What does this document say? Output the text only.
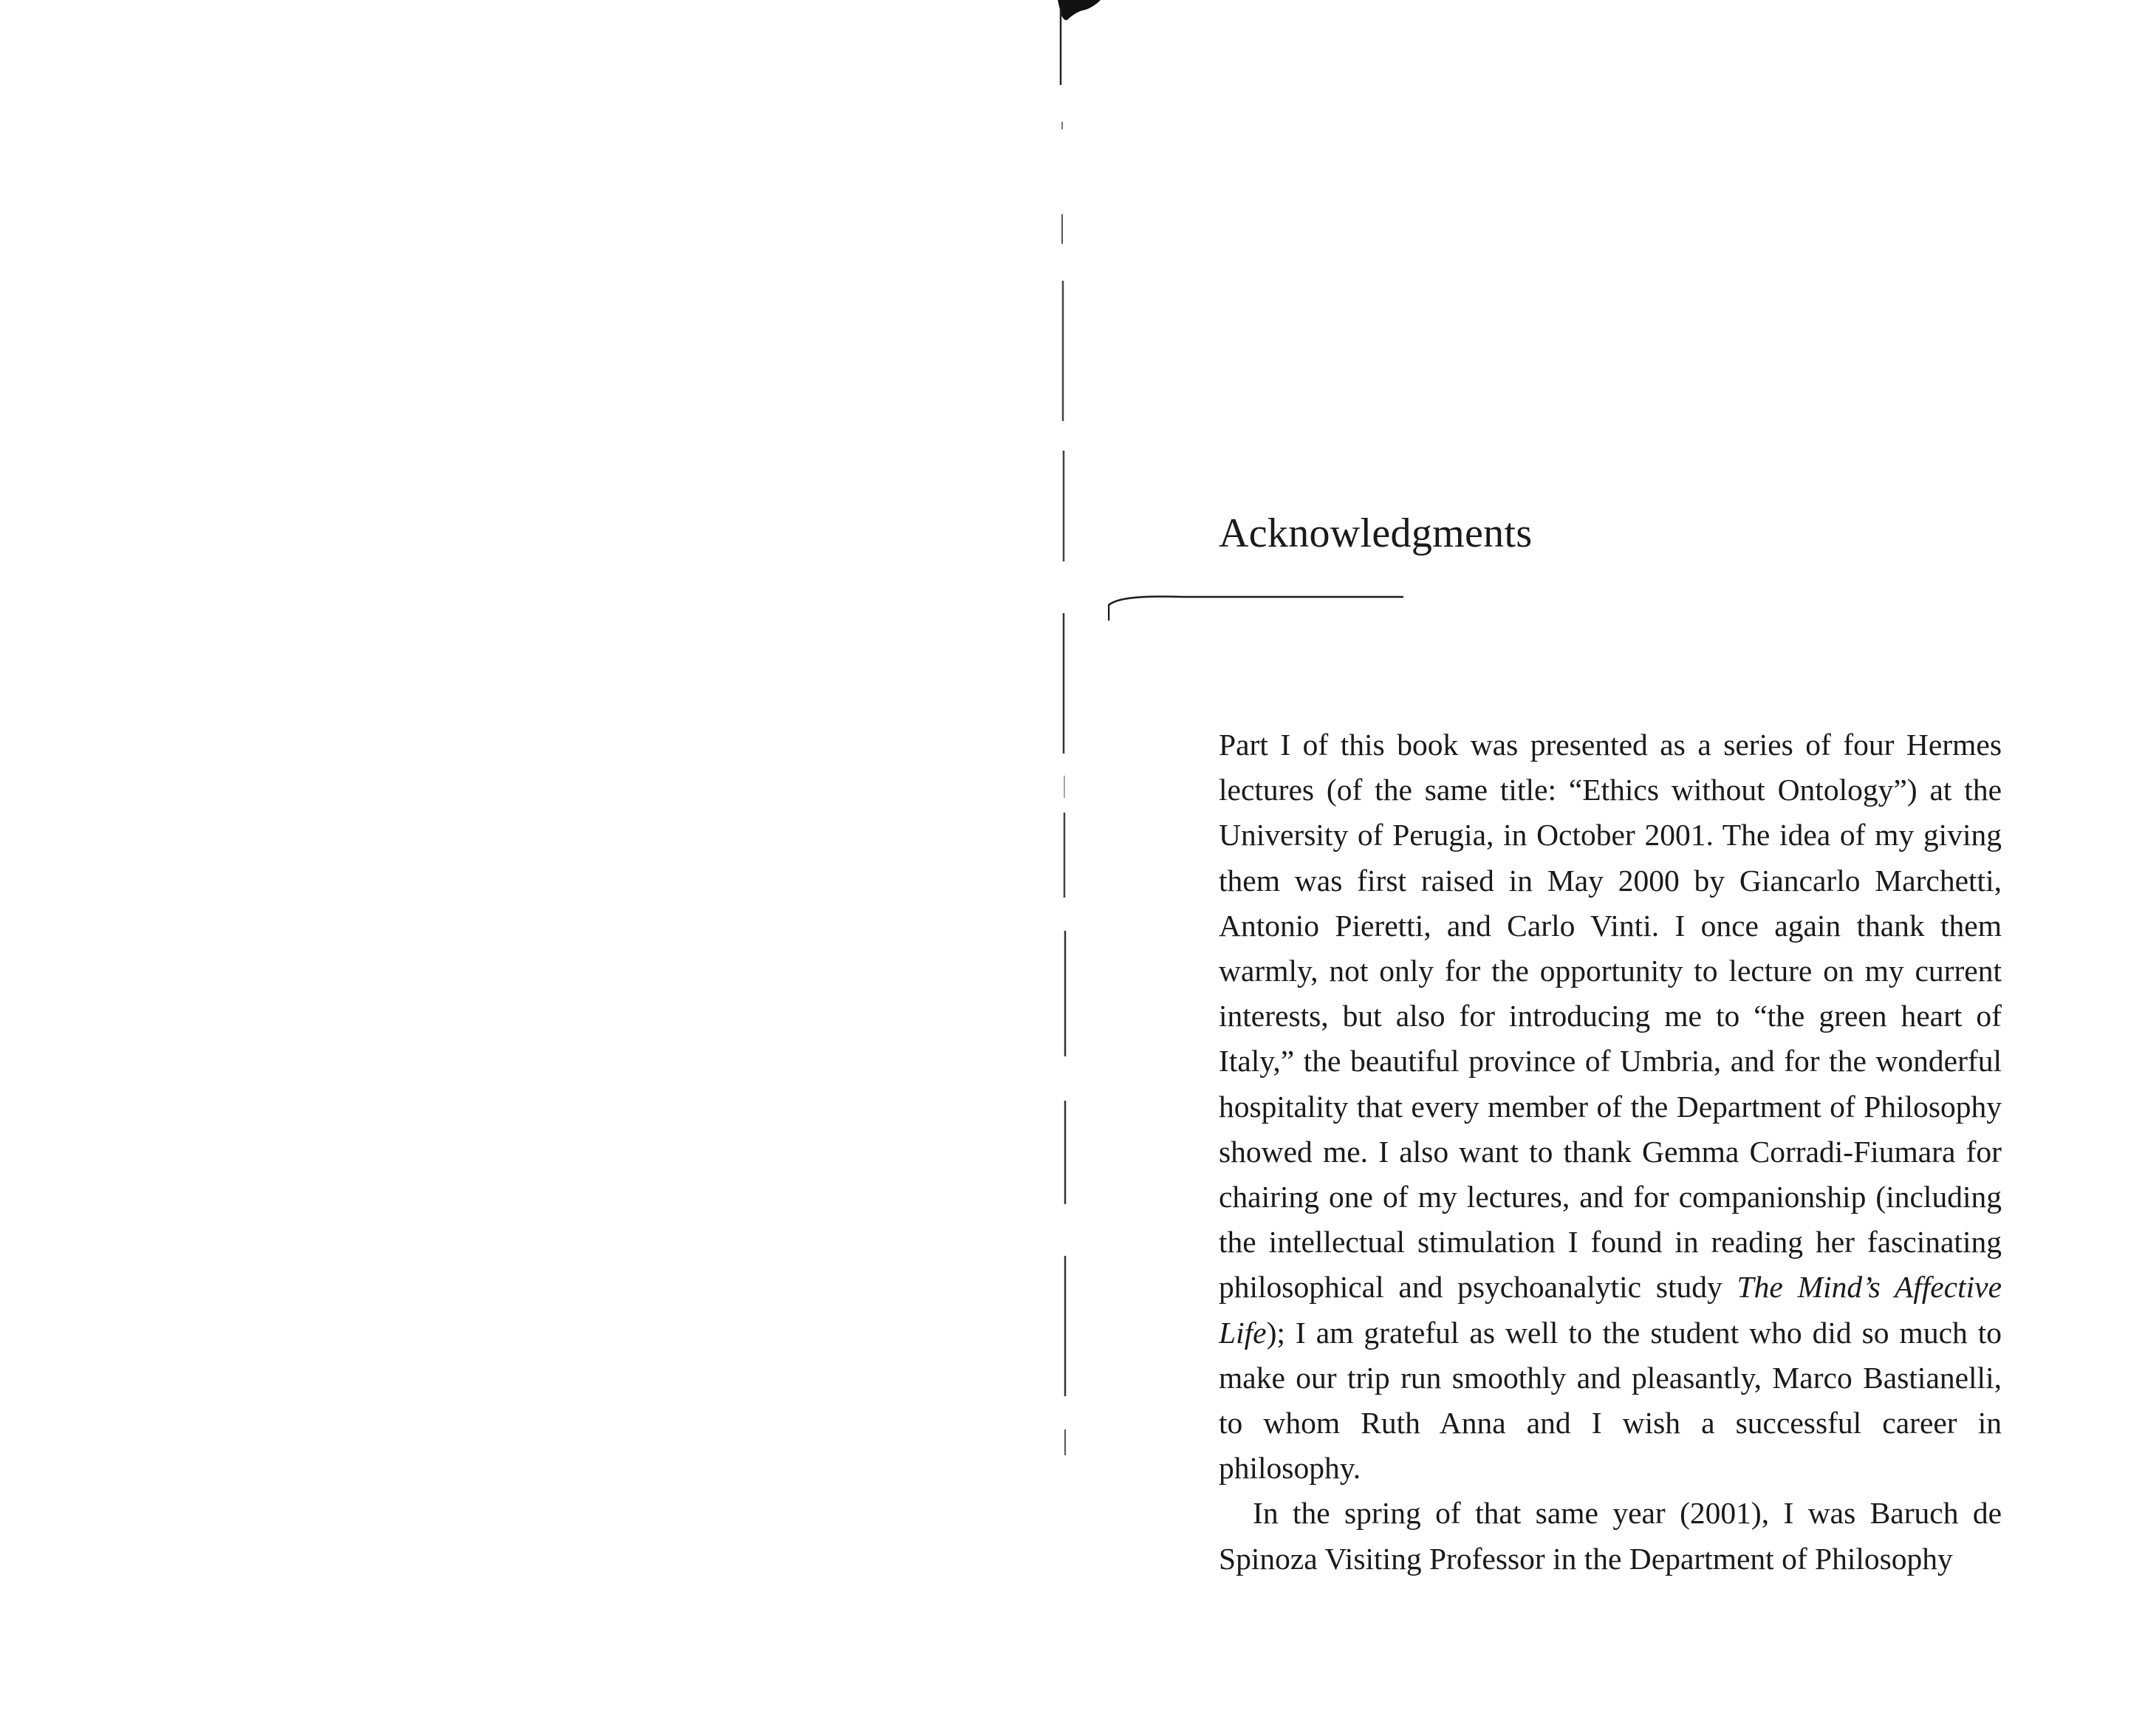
Acknowledgments

Part I of this book was presented as a series of four Hermes lectures (of the same title: “Ethics without Ontology”) at the University of Perugia, in October 2001. The idea of my giving them was first raised in May 2000 by Giancarlo Marchetti, Antonio Pieretti, and Carlo Vinti. I once again thank them warmly, not only for the opportunity to lecture on my current interests, but also for introducing me to “the green heart of Italy,” the beautiful province of Umbria, and for the wonderful hospitality that every member of the Department of Philosophy showed me. I also want to thank Gemma Corradi-Fiumara for chairing one of my lectures, and for companionship (including the intellectual stimulation I found in reading her fascinating philosophical and psychoanalytic study The Mind’s Affective Life); I am grateful as well to the student who did so much to make our trip run smoothly and pleasantly, Marco Bastianelli, to whom Ruth Anna and I wish a successful career in philosophy.

In the spring of that same year (2001), I was Baruch de Spinoza Visiting Professor in the Department of Philosophy
